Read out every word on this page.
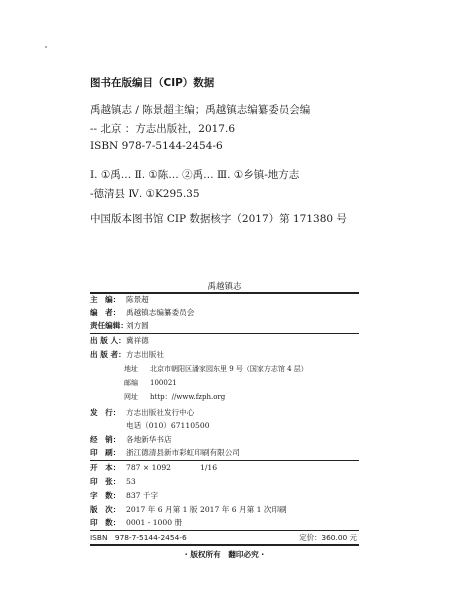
图书在版编目（CIP）数据
禹越镇志 / 陈景超主编；禹越镇志编纂委员会编
-- 北京 ：方志出版社，2017.6
ISBN 978-7-5144-2454-6
Ⅰ. ①禹… Ⅱ. ①陈… ②禹… Ⅲ. ①乡镇-地方志
-德清县 Ⅳ. ①K295.35
中国版本图书馆 CIP 数据核字（2017）第 171380 号
禹越镇志
主　编： 陈景超
编　者： 禹越镇志编纂委员会
责任编辑：
刘方圆
出 版 人： 冀祥德
出 版 者： 方志出版社
地址 北京市朝阳区潘家园东里 9 号（国家方志馆 4 层）
邮编 100021
网址 http：//www.fzph.org
发　行： 方志出版社发行中心
电话（010）67110500
经　销： 各地新华书店
印　刷： 浙江德清县新市彩虹印刷有限公司
开　本： 787 × 1092	1/16
印　张： 53
字　数： 837 千字
版　次： 2017 年 6 月第 1 版 2017 年 6 月第 1 次印刷
印　数： 0001 - 1000 册
ISBN　978-7-5144-2454-6	定价：360.00 元
· 版权所有　翻印必究 ·
